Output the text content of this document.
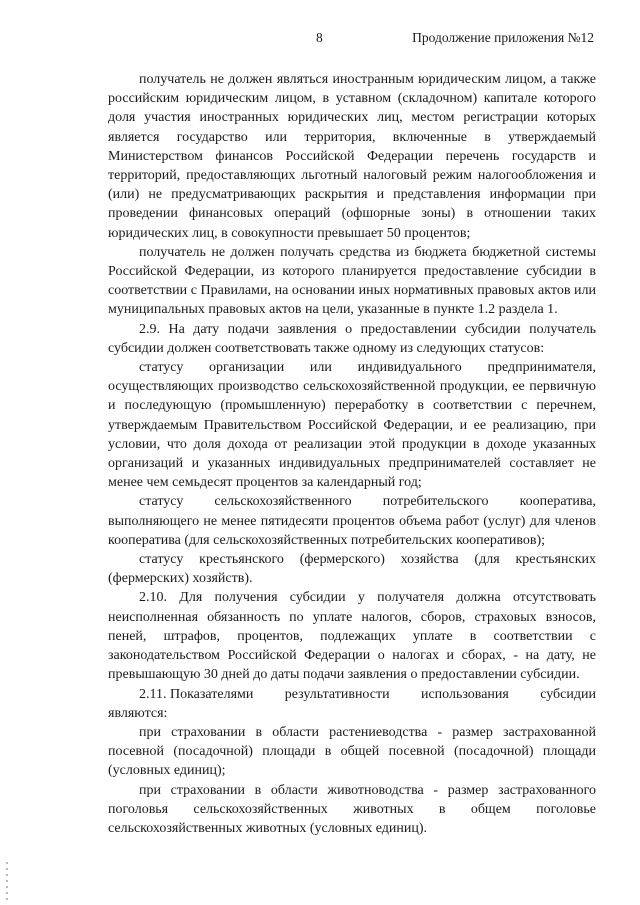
8	Продолжение приложения №12

получатель не должен являться иностранным юридическим лицом, а также российским юридическим лицом, в уставном (складочном) капитале которого доля участия иностранных юридических лиц, местом регистрации которых является государство или территория, включенные в утверждаемый Министерством финансов Российской Федерации перечень государств и территорий, предоставляющих льготный налоговый режим налогообложения и (или) не предусматривающих раскрытия и представления информации при проведении финансовых операций (офшорные зоны) в отношении таких юридических лиц, в совокупности превышает 50 процентов;

получатель не должен получать средства из бюджета бюджетной системы Российской Федерации, из которого планируется предоставление субсидии в соответствии с Правилами, на основании иных нормативных правовых актов или муниципальных правовых актов на цели, указанные в пункте 1.2 раздела 1.

2.9. На дату подачи заявления о предоставлении субсидии получатель субсидии должен соответствовать также одному из следующих статусов:

статусу организации или индивидуального предпринимателя, осуществляющих производство сельскохозяйственной продукции, ее первичную и последующую (промышленную) переработку в соответствии с перечнем, утверждаемым Правительством Российской Федерации, и ее реализацию, при условии, что доля дохода от реализации этой продукции в доходе указанных организаций и указанных индивидуальных предпринимателей составляет не менее чем семьдесят процентов за календарный год;

статусу сельскохозяйственного потребительского кооператива, выполняющего не менее пятидесяти процентов объема работ (услуг) для членов кооператива (для сельскохозяйственных потребительских кооперативов);

статусу крестьянского (фермерского) хозяйства (для крестьянских (фермерских) хозяйств).

2.10. Для получения субсидии у получателя должна отсутствовать неисполненная обязанность по уплате налогов, сборов, страховых взносов, пеней, штрафов, процентов, подлежащих уплате в соответствии с законодательством Российской Федерации о налогах и сборах, - на дату, не превышающую 30 дней до даты подачи заявления о предоставлении субсидии.

2.11. Показателями результативности использования субсидии
являются:

при страховании в области растениеводства - размер застрахованной посевной (посадочной) площади в общей посевной (посадочной) площади (условных единиц);

при страховании в области животноводства - размер застрахованного поголовья сельскохозяйственных животных в общем поголовье сельскохозяйственных животных (условных единиц).
